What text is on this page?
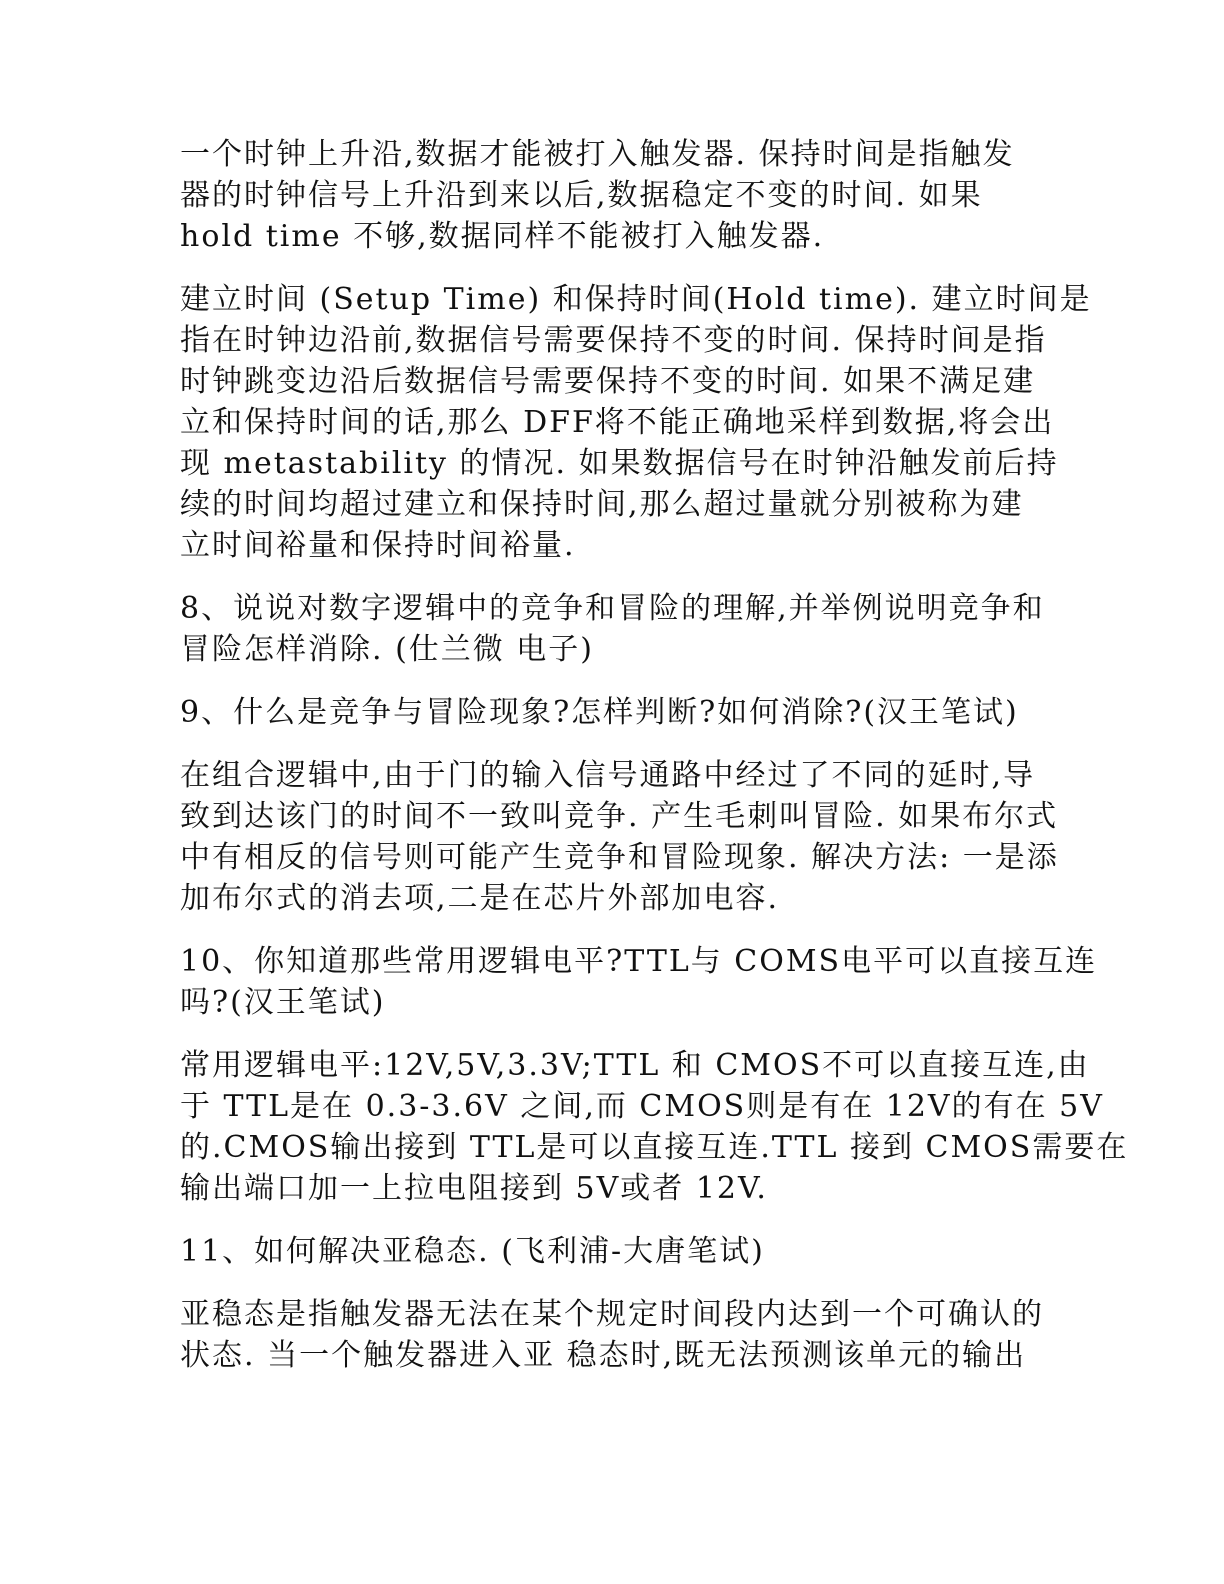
一个时钟上升沿,数据才能被打入触发器. 保持时间是指触发
器的时钟信号上升沿到来以后,数据稳定不变的时间. 如果
hold time 不够,数据同样不能被打入触发器.
建立时间 (Setup Time) 和保持时间(Hold time). 建立时间是
指在时钟边沿前,数据信号需要保持不变的时间. 保持时间是指
时钟跳变边沿后数据信号需要保持不变的时间. 如果不满足建
立和保持时间的话,那么 DFF将不能正确地采样到数据,将会出
现 metastability 的情况. 如果数据信号在时钟沿触发前后持
续的时间均超过建立和保持时间,那么超过量就分别被称为建
立时间裕量和保持时间裕量.
8、说说对数字逻辑中的竞争和冒险的理解,并举例说明竞争和
冒险怎样消除. (仕兰微 电子)
9、什么是竞争与冒险现象?怎样判断?如何消除?(汉王笔试)
在组合逻辑中,由于门的输入信号通路中经过了不同的延时,导
致到达该门的时间不一致叫竞争. 产生毛刺叫冒险. 如果布尔式
中有相反的信号则可能产生竞争和冒险现象. 解决方法: 一是添
加布尔式的消去项,二是在芯片外部加电容.
10、你知道那些常用逻辑电平?TTL与 COMS电平可以直接互连
吗?(汉王笔试)
常用逻辑电平:12V,5V,3.3V;TTL 和 CMOS不可以直接互连,由
于 TTL是在 0.3-3.6V 之间,而 CMOS则是有在 12V的有在 5V
的.CMOS输出接到 TTL是可以直接互连.TTL 接到 CMOS需要在
输出端口加一上拉电阻接到 5V或者 12V.
11、如何解决亚稳态. (飞利浦-大唐笔试)
亚稳态是指触发器无法在某个规定时间段内达到一个可确认的
状态. 当一个触发器进入亚 稳态时,既无法预测该单元的输出
